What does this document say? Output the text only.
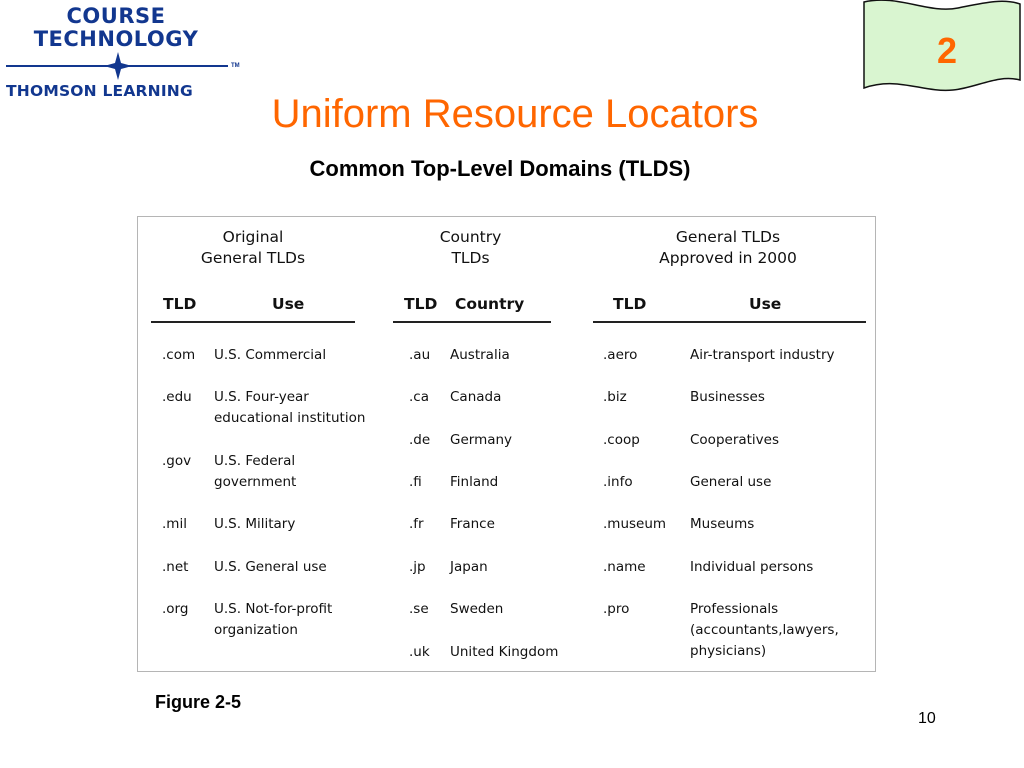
COURSE
TECHNOLOGY
TM
THOMSON LEARNING
2
Uniform Resource Locators
Common Top-Level Domains (TLDS)
Original
General TLDs
TLD	Use
Country
TLDs
TLD Country
General TLDs
Approved in 2000
TLD	Use
.com U.S. Commercial
.edu U.S. Four-year
educational institution
.gov U.S. Federal
government
.mil U.S. Military
.net U.S. General use
.org U.S. Not-for-profit
organization
.au Australia
.ca Canada
.de Germany
.fi Finland
.fr France
.jp Japan
.se Sweden
.uk United Kingdom
.aero	Air-transport industry
.biz	Businesses
.coop	Cooperatives
.info	General use
.museum Museums
.name	Individual persons
.pro	Professionals
(accountants,lawyers,
physicians)
Figure 2-5
10
